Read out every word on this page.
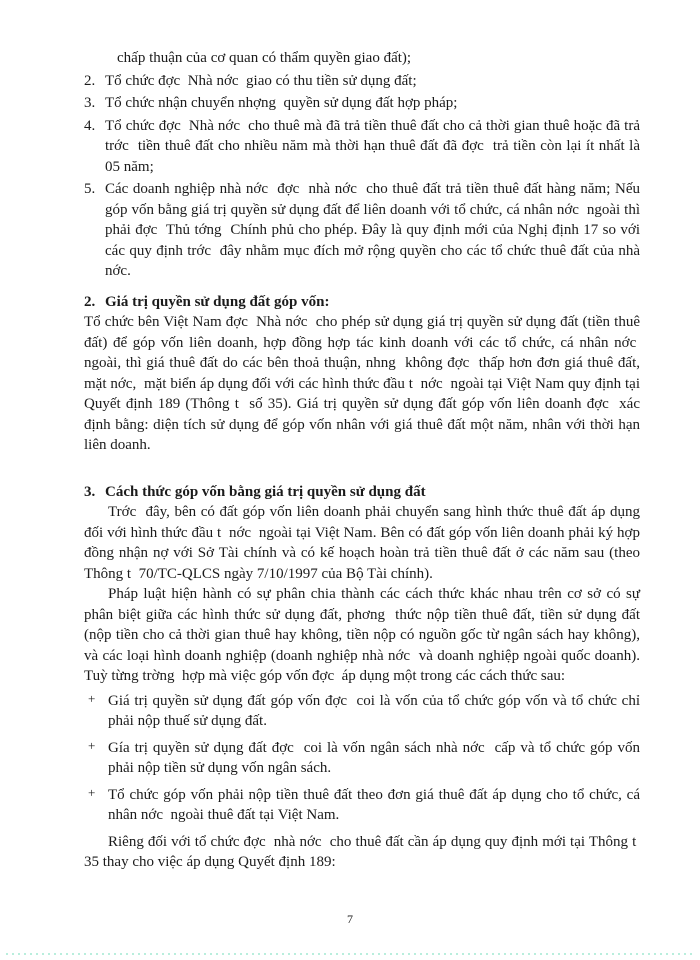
chấp thuận của cơ quan có thẩm quyền giao đất);
2. Tổ chức đợc  Nhà nớc  giao có thu tiền sử dụng đất;
3. Tổ chức nhận chuyển nhợng  quyền sử dụng đất hợp pháp;
4. Tổ chức đợc  Nhà nớc  cho thuê mà đã trả tiền thuê đất cho cả thời gian thuê hoặc đã trả trớc  tiền thuê đất cho nhiều năm mà thời hạn thuê đất đã đợc  trả tiền còn lại ít nhất là 05 năm;
5. Các doanh nghiệp nhà nớc  đợc  nhà nớc  cho thuê đất trả tiền thuê đất hàng năm; Nếu góp vốn bằng giá trị quyền sử dụng đất để liên doanh với tổ chức, cá nhân nớc  ngoài thì phải đợc  Thủ tớng  Chính phủ cho phép. Đây là quy định mới của Nghị định 17 so với các quy định trớc  đây nhằm mục đích mở rộng quyền cho các tổ chức thuê đất của nhà nớc.
2. Giá trị quyền sử dụng đất góp vốn:
Tổ chức bên Việt Nam đợc  Nhà nớc  cho phép sử dụng giá trị quyền sử dụng đất (tiền thuê đất) để góp vốn liên doanh, hợp đồng hợp tác kinh doanh với các tổ chức, cá nhân nớc  ngoài, thì giá thuê đất do các bên thoả thuận, nhng  không đợc  thấp hơn đơn giá thuê đất, mặt nớc,  mặt biển áp dụng đối với các hình thức đầu t  nớc  ngoài tại Việt Nam quy định tại Quyết định 189 (Thông t  số 35). Giá trị quyền sử dụng đất góp vốn liên doanh đợc  xác định bằng: diện tích sử dụng để góp vốn nhân với giá thuê đất một năm, nhân với thời hạn liên doanh.
3. Cách thức góp vốn bằng giá trị quyền sử dụng đất
Trớc  đây, bên có đất góp vốn liên doanh phải chuyển sang hình thức thuê đất áp dụng đối với hình thức đầu t  nớc  ngoài tại Việt Nam. Bên có đất góp vốn liên doanh phải ký hợp đồng nhận nợ với Sở Tài chính và có kế hoạch hoàn trả tiền thuê đất ở các năm sau (theo Thông t  70/TC-QLCS ngày 7/10/1997 của Bộ Tài chính).
Pháp luật hiện hành có sự phân chia thành các cách thức khác nhau trên cơ sở có sự phân biệt giữa các hình thức sử dụng đất, phơng  thức nộp tiền thuê đất, tiền sử dụng đất (nộp tiền cho cả thời gian thuê hay không, tiền nộp có nguồn gốc từ ngân sách hay không), và các loại hình doanh nghiệp (doanh nghiệp nhà nớc  và doanh nghiệp ngoài quốc doanh). Tuỳ từng trờng  hợp mà việc góp vốn đợc  áp dụng một trong các cách thức sau:
+ Giá trị quyền sử dụng đất góp vốn đợc  coi là vốn của tổ chức góp vốn và tổ chức chỉ phải nộp thuế sử dụng đất.
+ Gía trị quyền sử dụng đất đợc  coi là vốn ngân sách nhà nớc  cấp và tổ chức góp vốn phải nộp tiền sử dụng vốn ngân sách.
+ Tổ chức góp vốn phải nộp tiền thuê đất theo đơn giá thuê đất áp dụng cho tổ chức, cá nhân nớc  ngoài thuê đất tại Việt Nam.
Riêng đối với tổ chức đợc  nhà nớc  cho thuê đất cần áp dụng quy định mới tại Thông t  35 thay cho việc áp dụng Quyết định 189:
7
